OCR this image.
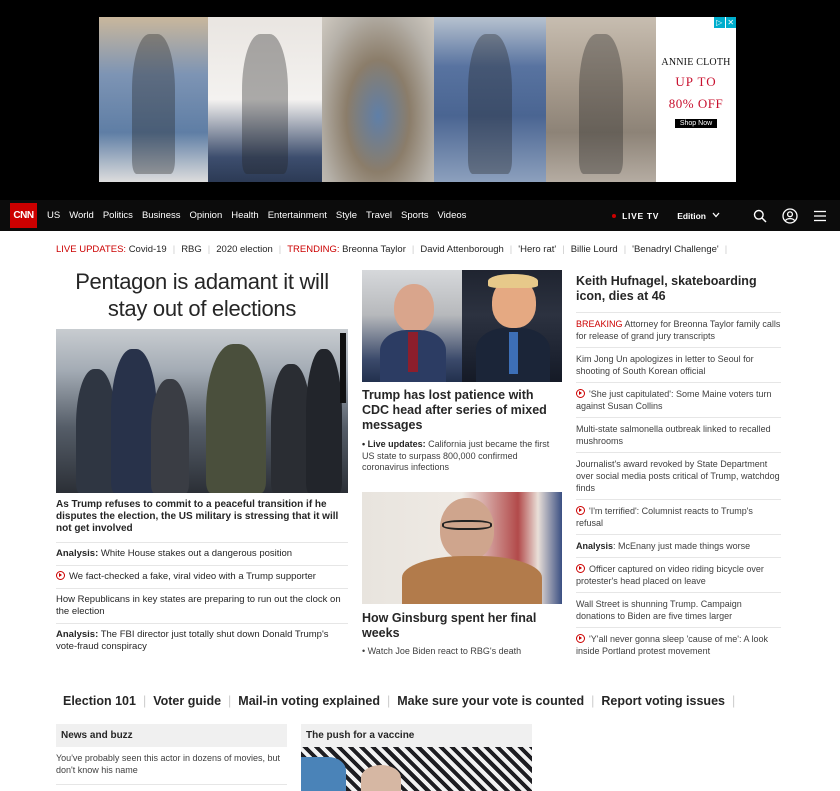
ANNIE CLOTH
UP TO
80% OFF
Shop Now
▷ ✕
CNN	US World Politics Business Opinion Health Entertainment Style Travel Sports Videos	LIVE TV Edition
LIVE UPDATES:
Covid-19 | RBG | 2020 election | TRENDING:
Breonna Taylor | David Attenborough | 'Hero rat' | Billie Lourd | 'Benadryl Challenge' |
Pentagon is adamant it will stay out of elections
As Trump refuses to commit to a peaceful transition if he disputes the election, the US military is stressing that it will not get involved
Analysis: White House stakes out a dangerous position
We fact-checked a fake, viral video with a Trump supporter
How Republicans in key states are preparing to run out the clock on the election
Analysis: The FBI director just totally shut down Donald Trump's vote-fraud conspiracy
Trump has lost patience with CDC head after series of mixed messages
• Live updates: California just became the first US state to surpass 800,000 confirmed coronavirus infections
How Ginsburg spent her final weeks
• Watch Joe Biden react to RBG's death
Keith Hufnagel, skateboarding icon, dies at 46
BREAKING Attorney for Breonna Taylor family calls for release of grand jury transcripts
Kim Jong Un apologizes in letter to Seoul for shooting of South Korean official
'She just capitulated': Some Maine voters turn against Susan Collins
Multi-state salmonella outbreak linked to recalled mushrooms
Journalist's award revoked by State Department over social media posts critical of Trump, watchdog finds
'I'm terrified': Columnist reacts to Trump's refusal
Analysis: McEnany just made things worse
Officer captured on video riding bicycle over protester's head placed on leave
Wall Street is shunning Trump. Campaign donations to Biden are five times larger
'Y'all never gonna sleep 'cause of me': A look inside Portland protest movement
Election 101 | Voter guide | Mail-in voting explained | Make sure your vote is counted | Report voting issues |
News and buzz
You've probably seen this actor in dozens of movies, but don't know his name
The push for a vaccine
